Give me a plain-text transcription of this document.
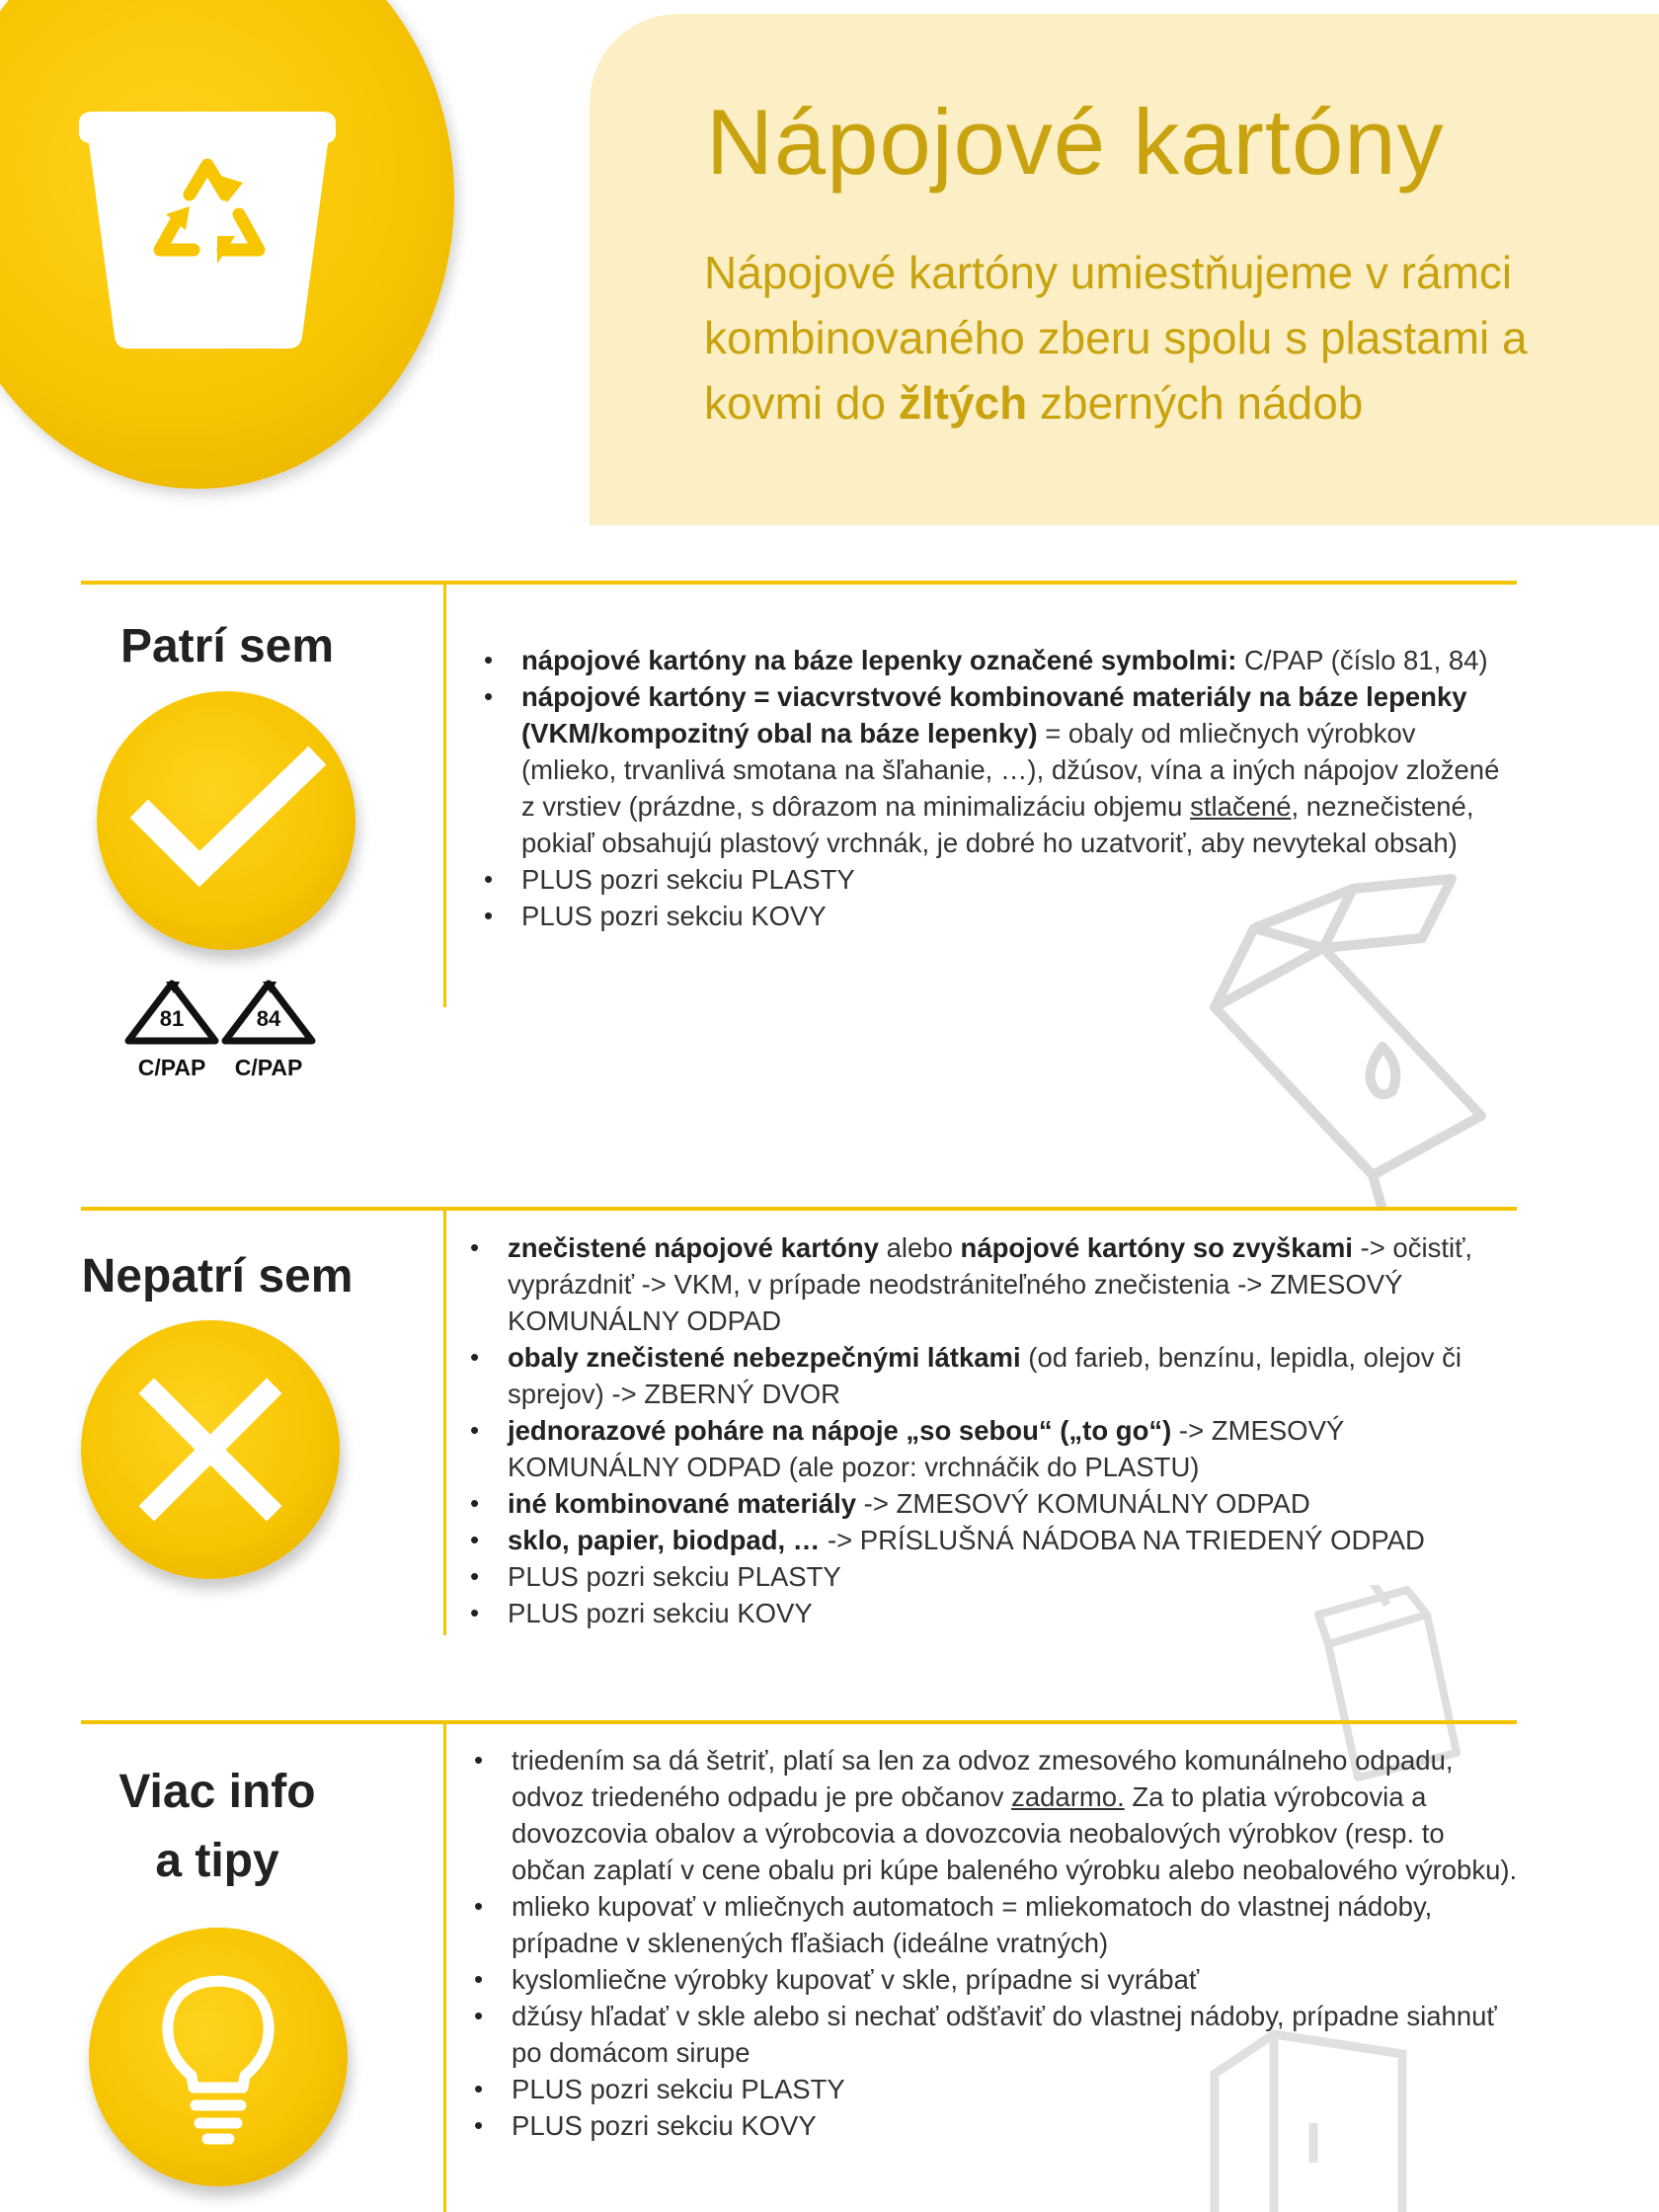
Nápojové kartóny
Nápojové kartóny umiestňujeme v rámci kombinovaného zberu spolu s plastami a kovmi do žltých zberných nádob
Patrí sem
81
C/PAP
84
C/PAP
• nápojové kartóny na báze lepenky označené symbolmi: C/PAP (číslo 81, 84)
• nápojové kartóny = viacvrstvové kombinované materiály na báze lepenky (VKM/kompozitný obal na báze lepenky) = obaly od mliečnych výrobkov (mlieko, trvanlivá smotana na šľahanie, …), džúsov, vína a iných nápojov zložené z vrstiev (prázdne, s dôrazom na minimalizáciu objemu stlačené, neznečistené, pokiaľ obsahujú plastový vrchnák, je dobré ho uzatvoriť, aby nevytekal obsah)
• PLUS pozri sekciu PLASTY
• PLUS pozri sekciu KOVY
Nepatrí sem
• znečistené nápojové kartóny alebo nápojové kartóny so zvyškami -> očistiť, vyprázdniť -> VKM, v prípade neodstrániteľného znečistenia -> ZMESOVÝ KOMUNÁLNY ODPAD
• obaly znečistené nebezpečnými látkami (od farieb, benzínu, lepidla, olejov či sprejov) -> ZBERNÝ DVOR
• jednorazové poháre na nápoje „so sebou“ („to go“) -> ZMESOVÝ KOMUNÁLNY ODPAD (ale pozor: vrchnáčik do PLASTU)
• iné kombinované materiály -> ZMESOVÝ KOMUNÁLNY ODPAD
• sklo, papier, biodpad, … -> PRÍSLUŠNÁ NÁDOBA NA TRIEDENÝ ODPAD
• PLUS pozri sekciu PLASTY
• PLUS pozri sekciu KOVY
Viac info
a tipy
• triedením sa dá šetriť, platí sa len za odvoz zmesového komunálneho odpadu, odvoz triedeného odpadu je pre občanov zadarmo. Za to platia výrobcovia a dovozcovia obalov a výrobcovia a dovozcovia neobalových výrobkov (resp. to občan zaplatí v cene obalu pri kúpe baleného výrobku alebo neobalového výrobku).
• mlieko kupovať v mliečnych automatoch = mliekomatoch do vlastnej nádoby, prípadne v sklenených fľašiach (ideálne vratných)
• kyslomliečne výrobky kupovať v skle, prípadne si vyrábať
• džúsy hľadať v skle alebo si nechať odšťaviť do vlastnej nádoby, prípadne siahnuť po domácom sirupe
• PLUS pozri sekciu PLASTY
• PLUS pozri sekciu KOVY
